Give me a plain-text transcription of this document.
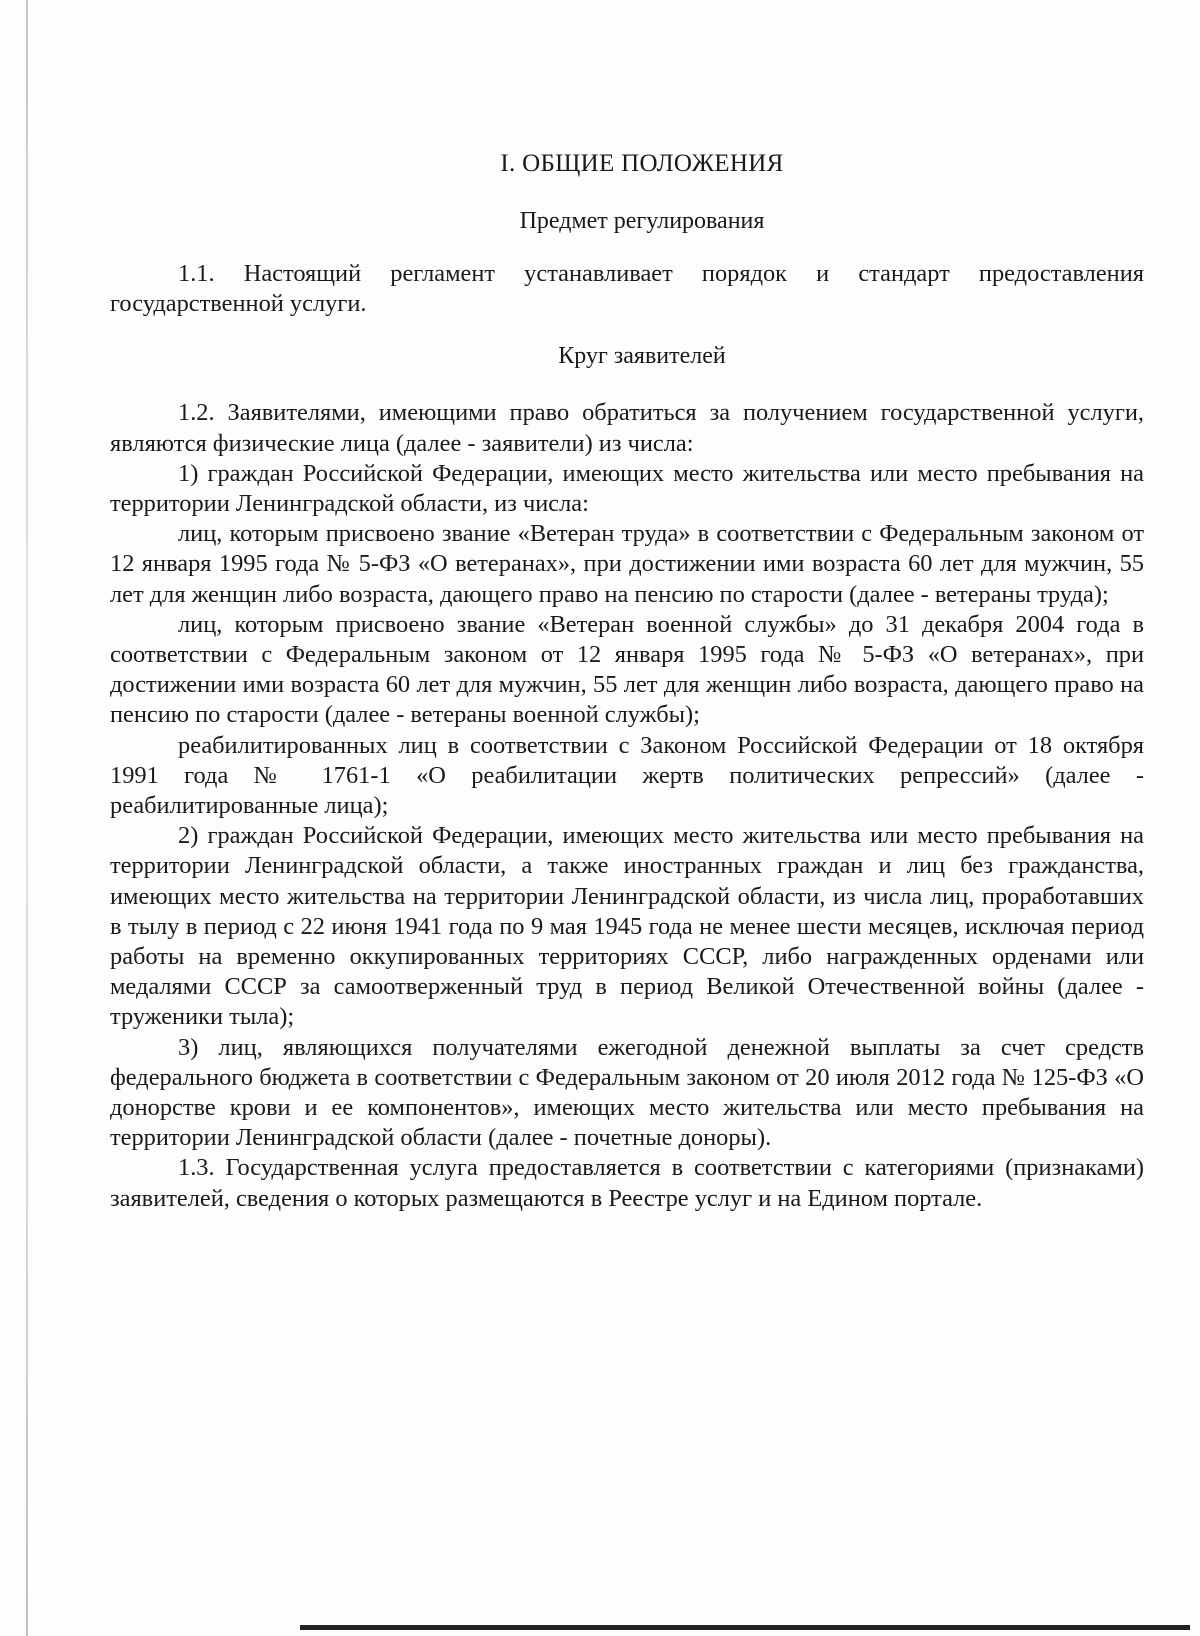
I. ОБЩИЕ ПОЛОЖЕНИЯ
Предмет регулирования

1.1. Настоящий регламент устанавливает порядок и стандарт предоставления государственной услуги.

Круг заявителей

1.2. Заявителями, имеющими право обратиться за получением государственной услуги, являются физические лица (далее - заявители) из числа:

1) граждан Российской Федерации, имеющих место жительства или место пребывания на территории Ленинградской области, из числа:

лиц, которым присвоено звание «Ветеран труда» в соответствии с Федеральным законом от 12 января 1995 года № 5-ФЗ «О ветеранах», при достижении ими возраста 60 лет для мужчин, 55 лет для женщин либо возраста, дающего право на пенсию по старости (далее - ветераны труда);

лиц, которым присвоено звание «Ветеран военной службы» до 31 декабря 2004 года в соответствии с Федеральным законом от 12 января 1995 года № 5-ФЗ «О ветеранах», при достижении ими возраста 60 лет для мужчин, 55 лет для женщин либо возраста, дающего право на пенсию по старости (далее - ветераны военной службы);

реабилитированных лиц в соответствии с Законом Российской Федерации от 18 октября 1991 года № 1761-1 «О реабилитации жертв политических репрессий» (далее - реабилитированные лица);

2) граждан Российской Федерации, имеющих место жительства или место пребывания на территории Ленинградской области, а также иностранных граждан и лиц без гражданства, имеющих место жительства на территории Ленинградской области, из числа лиц, проработавших в тылу в период с 22 июня 1941 года по 9 мая 1945 года не менее шести месяцев, исключая период работы на временно оккупированных территориях СССР, либо награжденных орденами или медалями СССР за самоотверженный труд в период Великой Отечественной войны (далее - труженики тыла);

3) лиц, являющихся получателями ежегодной денежной выплаты за счет средств федерального бюджета в соответствии с Федеральным законом от 20 июля 2012 года № 125-ФЗ «О донорстве крови и ее компонентов», имеющих место жительства или место пребывания на территории Ленинградской области (далее - почетные доноры).

1.3. Государственная услуга предоставляется в соответствии с категориями (признаками) заявителей, сведения о которых размещаются в Реестре услуг и на Едином портале.
